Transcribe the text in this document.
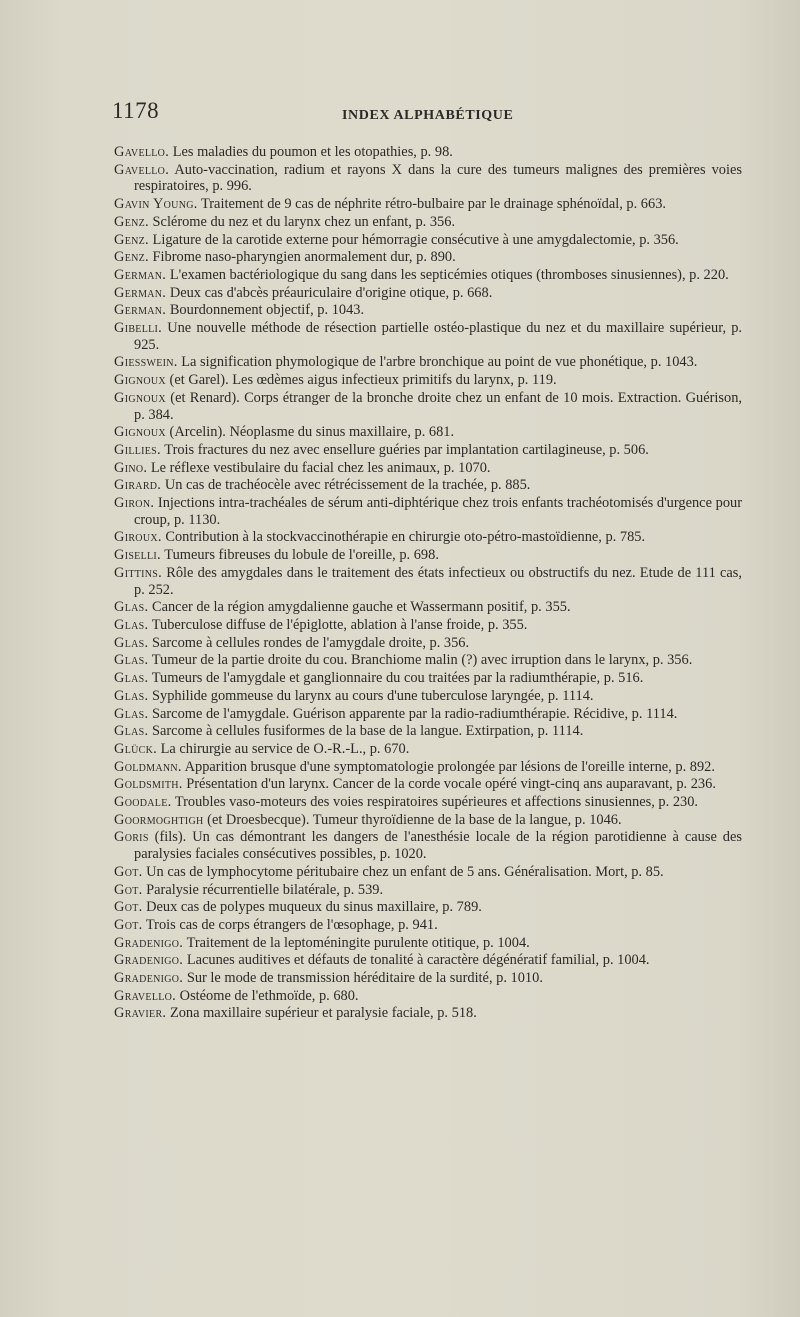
1178	INDEX ALPHABÉTIQUE

Gavello. Les maladies du poumon et les otopathies, p. 98.

Gavello. Auto-vaccination, radium et rayons X dans la cure des tumeurs malignes des premières voies respiratoires, p. 996.

Gavin Young. Traitement de 9 cas de néphrite rétro-bulbaire par le drainage sphénoïdal, p. 663.

Genz. Sclérome du nez et du larynx chez un enfant, p. 356.

Genz. Ligature de la carotide externe pour hémorragie consécutive à une amygdalectomie, p. 356.

Genz. Fibrome naso-pharyngien anormalement dur, p. 890.

German. L'examen bactériologique du sang dans les septicémies otiques (thromboses sinusiennes), p. 220.

German. Deux cas d'abcès préauriculaire d'origine otique, p. 668.

German. Bourdonnement objectif, p. 1043.

Gibelli. Une nouvelle méthode de résection partielle ostéo-plastique du nez et du maxillaire supérieur, p. 925.

Giesswein. La signification phymologique de l'arbre bronchique au point de vue phonétique, p. 1043.

Gignoux (et Garel). Les œdèmes aigus infectieux primitifs du larynx, p. 119.

Gignoux (et Renard). Corps étranger de la bronche droite chez un enfant de 10 mois. Extraction. Guérison, p. 384.

Gignoux (Arcelin). Néoplasme du sinus maxillaire, p. 681.

Gillies. Trois fractures du nez avec ensellure guéries par implantation cartilagineuse, p. 506.

Gino. Le réflexe vestibulaire du facial chez les animaux, p. 1070.

Girard. Un cas de trachéocèle avec rétrécissement de la trachée, p. 885.

Giron. Injections intra-trachéales de sérum anti-diphtérique chez trois enfants trachéotomisés d'urgence pour croup, p. 1130.

Giroux. Contribution à la stockvaccinothérapie en chirurgie oto-pétro-mastoïdienne, p. 785.

Giselli. Tumeurs fibreuses du lobule de l'oreille, p. 698.

Gittins. Rôle des amygdales dans le traitement des états infectieux ou obstructifs du nez. Etude de 111 cas, p. 252.

Glas. Cancer de la région amygdalienne gauche et Wassermann positif, p. 355.

Glas. Tuberculose diffuse de l'épiglotte, ablation à l'anse froide, p. 355.

Glas. Sarcome à cellules rondes de l'amygdale droite, p. 356.

Glas. Tumeur de la partie droite du cou. Branchiome malin (?) avec irruption dans le larynx, p. 356.

Glas. Tumeurs de l'amygdale et ganglionnaire du cou traitées par la radiumthérapie, p. 516.

Glas. Syphilide gommeuse du larynx au cours d'une tuberculose laryngée, p. 1114.

Glas. Sarcome de l'amygdale. Guérison apparente par la radio-radiumthérapie. Récidive, p. 1114.

Glas. Sarcome à cellules fusiformes de la base de la langue. Extirpation, p. 1114.

Glück. La chirurgie au service de O.-R.-L., p. 670.

Goldmann. Apparition brusque d'une symptomatologie prolongée par lésions de l'oreille interne, p. 892.

Goldsmith. Présentation d'un larynx. Cancer de la corde vocale opéré vingt-cinq ans auparavant, p. 236.

Goodale. Troubles vaso-moteurs des voies respiratoires supérieures et affections sinusiennes, p. 230.

Goormoghtigh (et Droesbecque). Tumeur thyroïdienne de la base de la langue, p. 1046.

Goris (fils). Un cas démontrant les dangers de l'anesthésie locale de la région parotidienne à cause des paralysies faciales consécutives possibles, p. 1020.

Got. Un cas de lymphocytome péritubaire chez un enfant de 5 ans. Généralisation. Mort, p. 85.

Got. Paralysie récurrentielle bilatérale, p. 539.

Got. Deux cas de polypes muqueux du sinus maxillaire, p. 789.

Got. Trois cas de corps étrangers de l'œsophage, p. 941.

Gradenigo. Traitement de la leptoméningite purulente otitique, p. 1004.

Gradenigo. Lacunes auditives et défauts de tonalité à caractère dégénératif familial, p. 1004.

Gradenigo. Sur le mode de transmission héréditaire de la surdité, p. 1010.

Gravello. Ostéome de l'ethmoïde, p. 680.

Gravier. Zona maxillaire supérieur et paralysie faciale, p. 518.
